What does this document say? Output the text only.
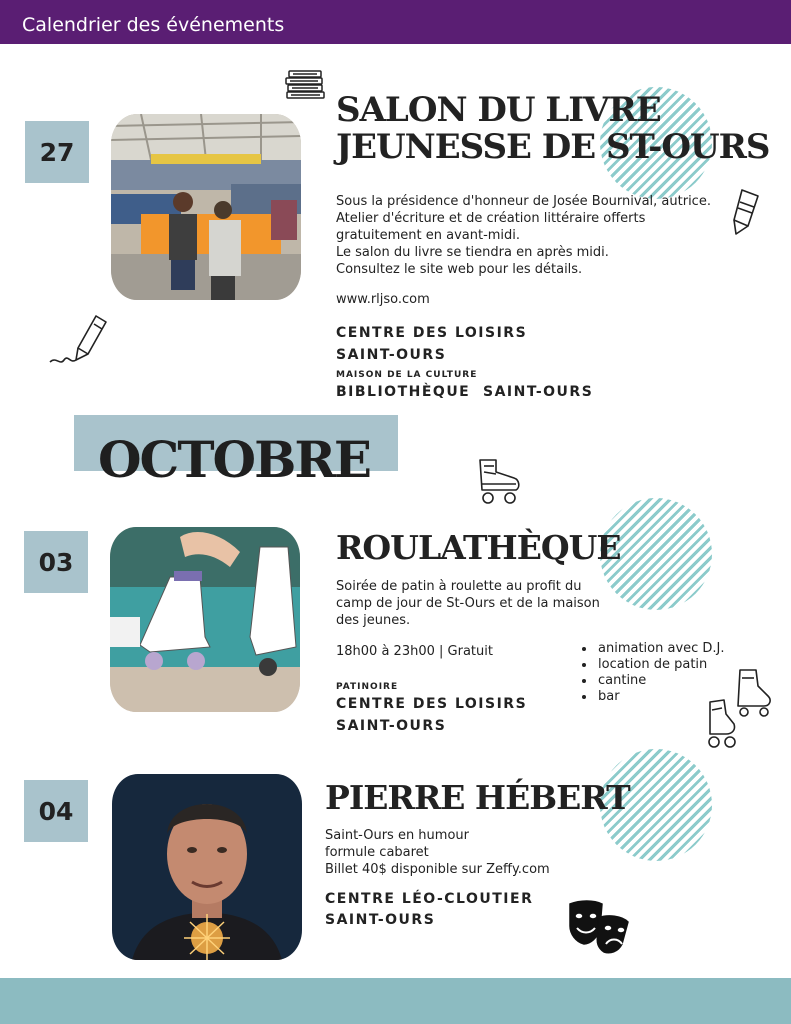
Calendrier des événements
27
SALON DU LIVRE
JEUNESSE DE ST-OURS

Sous la présidence d'honneur de Josée Bournival, autrice.

Atelier d'écriture et de création littéraire offerts

gratuitement en avant-midi.

Le salon du livre se tiendra en après midi.

Consultez le site web pour les détails.

www.rljso.com
CENTRE DES LOISIRS
SAINT-OURS
MAISON DE LA CULTURE
BIBLIOTHÈQUE  SAINT-OURS
OCTOBRE
03	ROULATHÈQUE

Soirée de patin à roulette au profit du

camp de jour de St-Ours et de la maison

des jeunes.

18h00 à 23h00 | Gratuit
•	animation avec D.J.
• location de patin
• cantine
• bar
PATINOIRE
CENTRE DES LOISIRS
SAINT-OURS
04	PIERRE HÉBERT

Saint-Ours en humour

formule cabaret

Billet 40$ disponible sur Zeffy.com

CENTRE LÉO-CLOUTIER
SAINT-OURS
